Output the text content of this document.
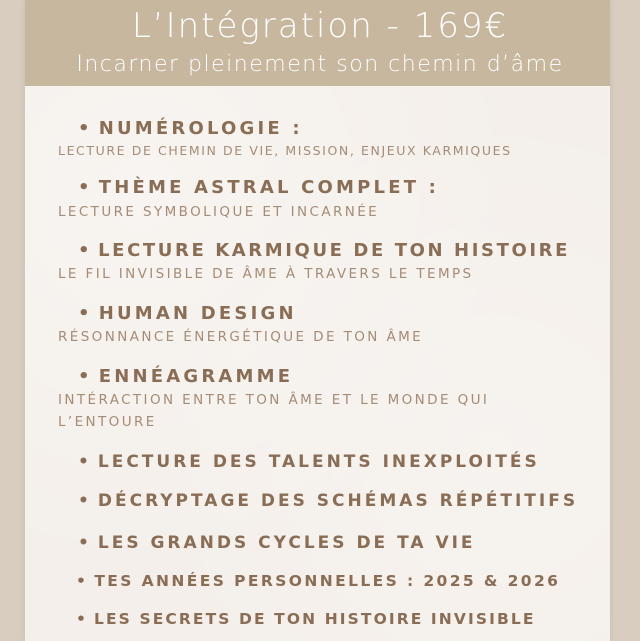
L’Intégration - 169€
Incarner pleinement son chemin d’âme
• NUMÉROLOGIE :
LECTURE DE CHEMIN DE VIE, MISSION, ENJEUX KARMIQUES
• THÈME ASTRAL COMPLET :
LECTURE SYMBOLIQUE ET INCARNÉE
• LECTURE KARMIQUE DE TON HISTOIRE
LE FIL INVISIBLE DE ÂME À TRAVERS LE TEMPS
• HUMAN DESIGN
RÉSONNANCE ÉNERGÉTIQUE DE TON ÂME
• ENNÉAGRAMME
INTÉRACTION ENTRE TON ÂME ET LE MONDE QUI
L’ENTOURE
• LECTURE DES TALENTS INEXPLOITÉS
• DÉCRYPTAGE DES SCHÉMAS RÉPÉTITIFS
• LES GRANDS CYCLES DE TA VIE
• TES ANNÉES PERSONNELLES : 2025 & 2026
• LES SECRETS DE TON HISTOIRE INVISIBLE
